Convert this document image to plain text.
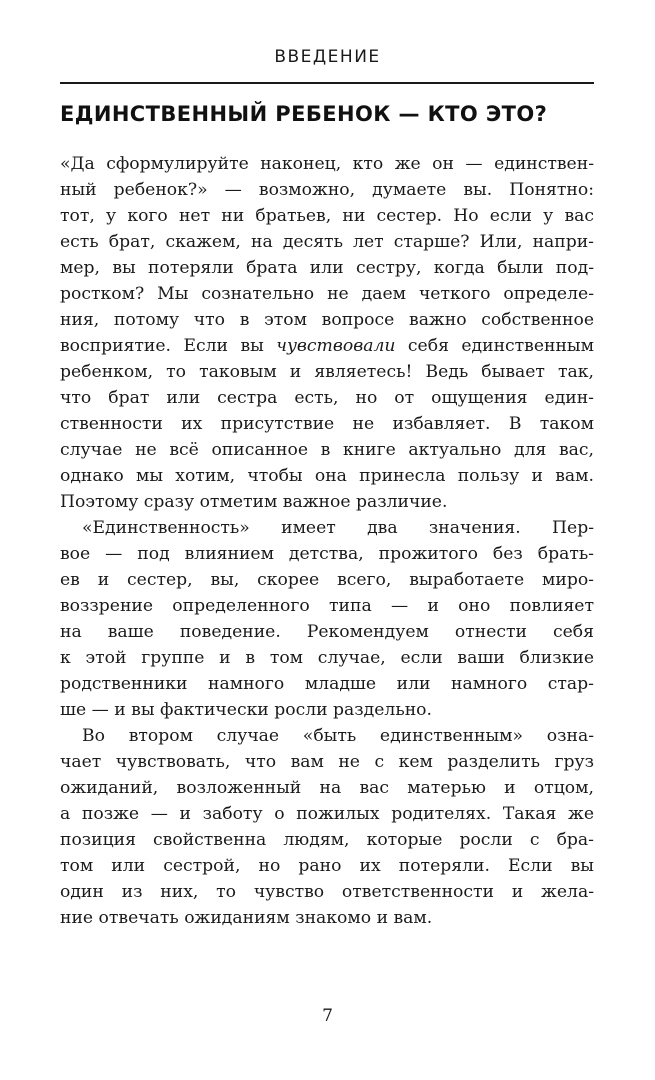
ВВЕДЕНИЕ
ЕДИНСТВЕННЫЙ РЕБЕНОК — КТО ЭТО?
«Да сформулируйте наконец, кто же он — единствен-
ный ребенок?» — возможно, думаете вы. Понятно:
тот, у кого нет ни братьев, ни сестер. Но если у вас
есть брат, скажем, на десять лет старше? Или, напри-
мер, вы потеряли брата или сестру, когда были под-
ростком? Мы сознательно не даем четкого определе-
ния, потому что в этом вопросе важно собственное
восприятие. Если вы чувствовали себя единственным
ребенком, то таковым и являетесь! Ведь бывает так,
что брат или сестра есть, но от ощущения един-
ственности их присутствие не избавляет. В таком
случае не всё описанное в книге актуально для вас,
однако мы хотим, чтобы она принесла пользу и вам.
Поэтому сразу отметим важное различие.
«Единственность» имеет два значения. Пер-
вое — под влиянием детства, прожитого без брать-
ев и сестер, вы, скорее всего, выработаете миро-
воззрение определенного типа — и оно повлияет
на ваше поведение. Рекомендуем отнести себя
к этой группе и в том случае, если ваши близкие
родственники намного младше или намного стар-
ше — и вы фактически росли раздельно.
Во втором случае «быть единственным» озна-
чает чувствовать, что вам не с кем разделить груз
ожиданий, возложенный на вас матерью и отцом,
а позже — и заботу о пожилых родителях. Такая же
позиция свойственна людям, которые росли с бра-
том или сестрой, но рано их потеряли. Если вы
один из них, то чувство ответственности и жела-
ние отвечать ожиданиям знакомо и вам.
7
